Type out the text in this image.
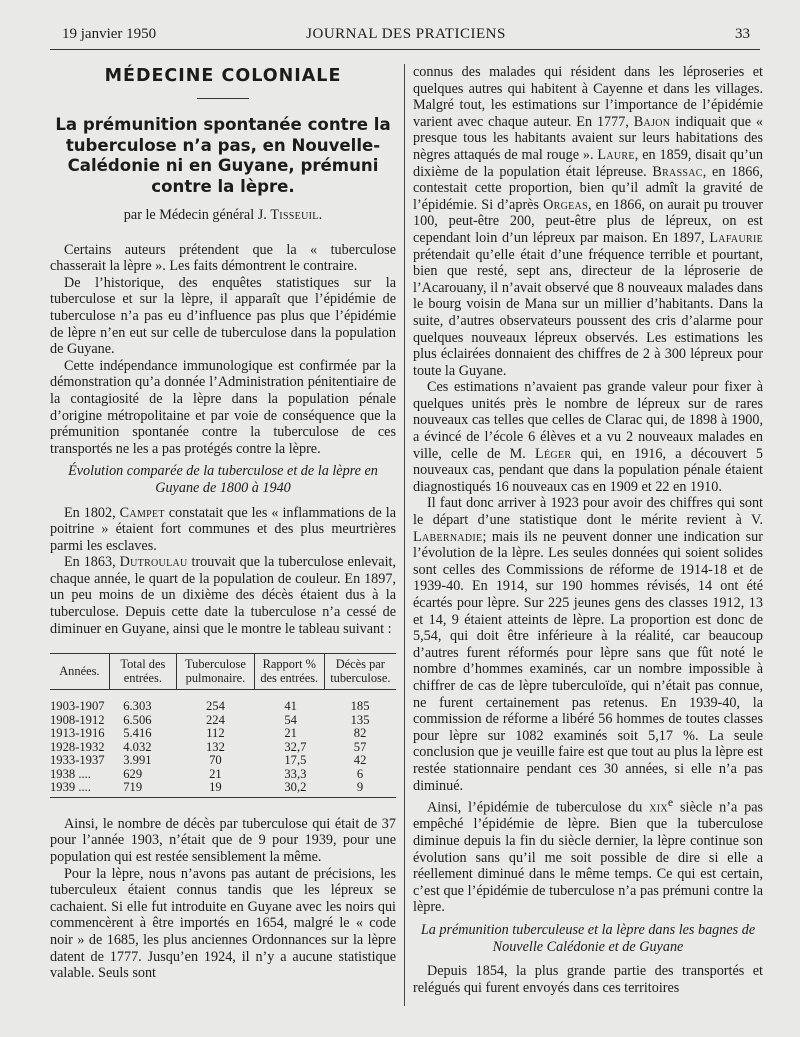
19 janvier 1950	JOURNAL DES PRATICIENS	33
MÉDECINE COLONIALE
La prémunition spontanée contre la tuberculose n’a pas, en Nouvelle-Calédonie ni en Guyane, prémuni contre la lèpre.

par le Médecin général J. Tisseuil.

Certains auteurs prétendent que la « tuberculose chasserait la lèpre ». Les faits démontrent le contraire.

De l’historique, des enquêtes statistiques sur la tuberculose et sur la lèpre, il apparaît que l’épidémie de tuberculose n’a pas eu d’influence pas plus que l’épidémie de lèpre n’en eut sur celle de tuberculose dans la population de Guyane.

Cette indépendance immunologique est confirmée par la démonstration qu’a donnée l’Administration pénitentiaire de la contagiosité de la lèpre dans la population pénale d’origine métropolitaine et par voie de conséquence que la prémunition spontanée contre la tuberculose de ces transportés ne les a pas protégés contre la lèpre.

Évolution comparée de la tuberculose et de la lèpre en Guyane de 1800 à 1940

En 1802, Campet constatait que les « inflammations de la poitrine » étaient fort communes et des plus meurtrières parmi les esclaves.

En 1863, Dutroulau trouvait que la tuberculose enlevait, chaque année, le quart de la population de couleur. En 1897, un peu moins de un dixième des décès étaient dus à la tuberculose. Depuis cette date la tuberculose n’a cessé de diminuer en Guyane, ainsi que le montre le tableau suivant :

Années.	Total des entrées.	Tuberculose pulmonaire.	Rapport % des entrées.	Décès par tuberculose.
1903-1907	6.303	254	41	185
1908-1912	6.506	224	54	135
1913-1916	5.416	112	21	82
1928-1932	4.032	132	32,7	57
1933-1937	3.991	70	17,5	42
1938 ....	629	21	33,3	6
1939 ....	719	19	30,2	9

Ainsi, le nombre de décès par tuberculose qui était de 37 pour l’année 1903, n’était que de 9 pour 1939, pour une population qui est restée sensiblement la même.

Pour la lèpre, nous n’avons pas autant de précisions, les tuberculeux étaient connus tandis que les lépreux se cachaient. Si elle fut introduite en Guyane avec les noirs qui commencèrent à être importés en 1654, malgré le « code noir » de 1685, les plus anciennes Ordonnances sur la lèpre datent de 1777. Jusqu’en 1924, il n’y a aucune statistique valable. Seuls sont

connus des malades qui résident dans les léproseries et quelques autres qui habitent à Cayenne et dans les villages. Malgré tout, les estimations sur l’importance de l’épidémie varient avec chaque auteur. En 1777, Bajon indiquait que « presque tous les habitants avaient sur leurs habitations des nègres attaqués de mal rouge ». Laure, en 1859, disait qu’un dixième de la population était lépreuse. Brassac, en 1866, contestait cette proportion, bien qu’il admît la gravité de l’épidémie. Si d’après Orgeas, en 1866, on aurait pu trouver 100, peut-être 200, peut-être plus de lépreux, on est cependant loin d’un lépreux par maison. En 1897, Lafaurie prétendait qu’elle était d’une fréquence terrible et pourtant, bien que resté, sept ans, directeur de la léproserie de l’Acarouany, il n’avait observé que 8 nouveaux malades dans le bourg voisin de Mana sur un millier d’habitants. Dans la suite, d’autres observateurs poussent des cris d’alarme pour quelques nouveaux lépreux observés. Les estimations les plus éclairées donnaient des chiffres de 2 à 300 lépreux pour toute la Guyane.

Ces estimations n’avaient pas grande valeur pour fixer à quelques unités près le nombre de lépreux sur de rares nouveaux cas telles que celles de Clarac qui, de 1898 à 1900, a évincé de l’école 6 élèves et a vu 2 nouveaux malades en ville, celle de M. Léger qui, en 1916, a découvert 5 nouveaux cas, pendant que dans la population pénale étaient diagnostiqués 16 nouveaux cas en 1909 et 22 en 1910.

Il faut donc arriver à 1923 pour avoir des chiffres qui sont le départ d’une statistique dont le mérite revient à V. Labernadie; mais ils ne peuvent donner une indication sur l’évolution de la lèpre. Les seules données qui soient solides sont celles des Commissions de réforme de 1914-18 et de 1939-40. En 1914, sur 190 hommes révisés, 14 ont été écartés pour lèpre. Sur 225 jeunes gens des classes 1912, 13 et 14, 9 étaient atteints de lèpre. La proportion est donc de 5,54, qui doit être inférieure à la réalité, car beaucoup d’autres furent réformés pour lèpre sans que fût noté le nombre d’hommes examinés, car un nombre impossible à chiffrer de cas de lèpre tuberculoïde, qui n’était pas connue, ne furent certainement pas retenus. En 1939-40, la commission de réforme a libéré 56 hommes de toutes classes pour lèpre sur 1082 examinés soit 5,17 %. La seule conclusion que je veuille faire est que tout au plus la lèpre est restée stationnaire pendant ces 30 années, si elle n’a pas diminué.

Ainsi, l’épidémie de tuberculose du xix$^e$ siècle n’a pas empêché l’épidémie de lèpre. Bien que la tuberculose diminue depuis la fin du siècle dernier, la lèpre continue son évolution sans qu’il me soit possible de dire si elle a réellement diminué dans le même temps. Ce qui est certain, c’est que l’épidémie de tuberculose n’a pas prémuni contre la lèpre.

La prémunition tuberculeuse et la lèpre dans les bagnes de Nouvelle Calédonie et de Guyane

Depuis 1854, la plus grande partie des transportés et relégués qui furent envoyés dans ces territoires
